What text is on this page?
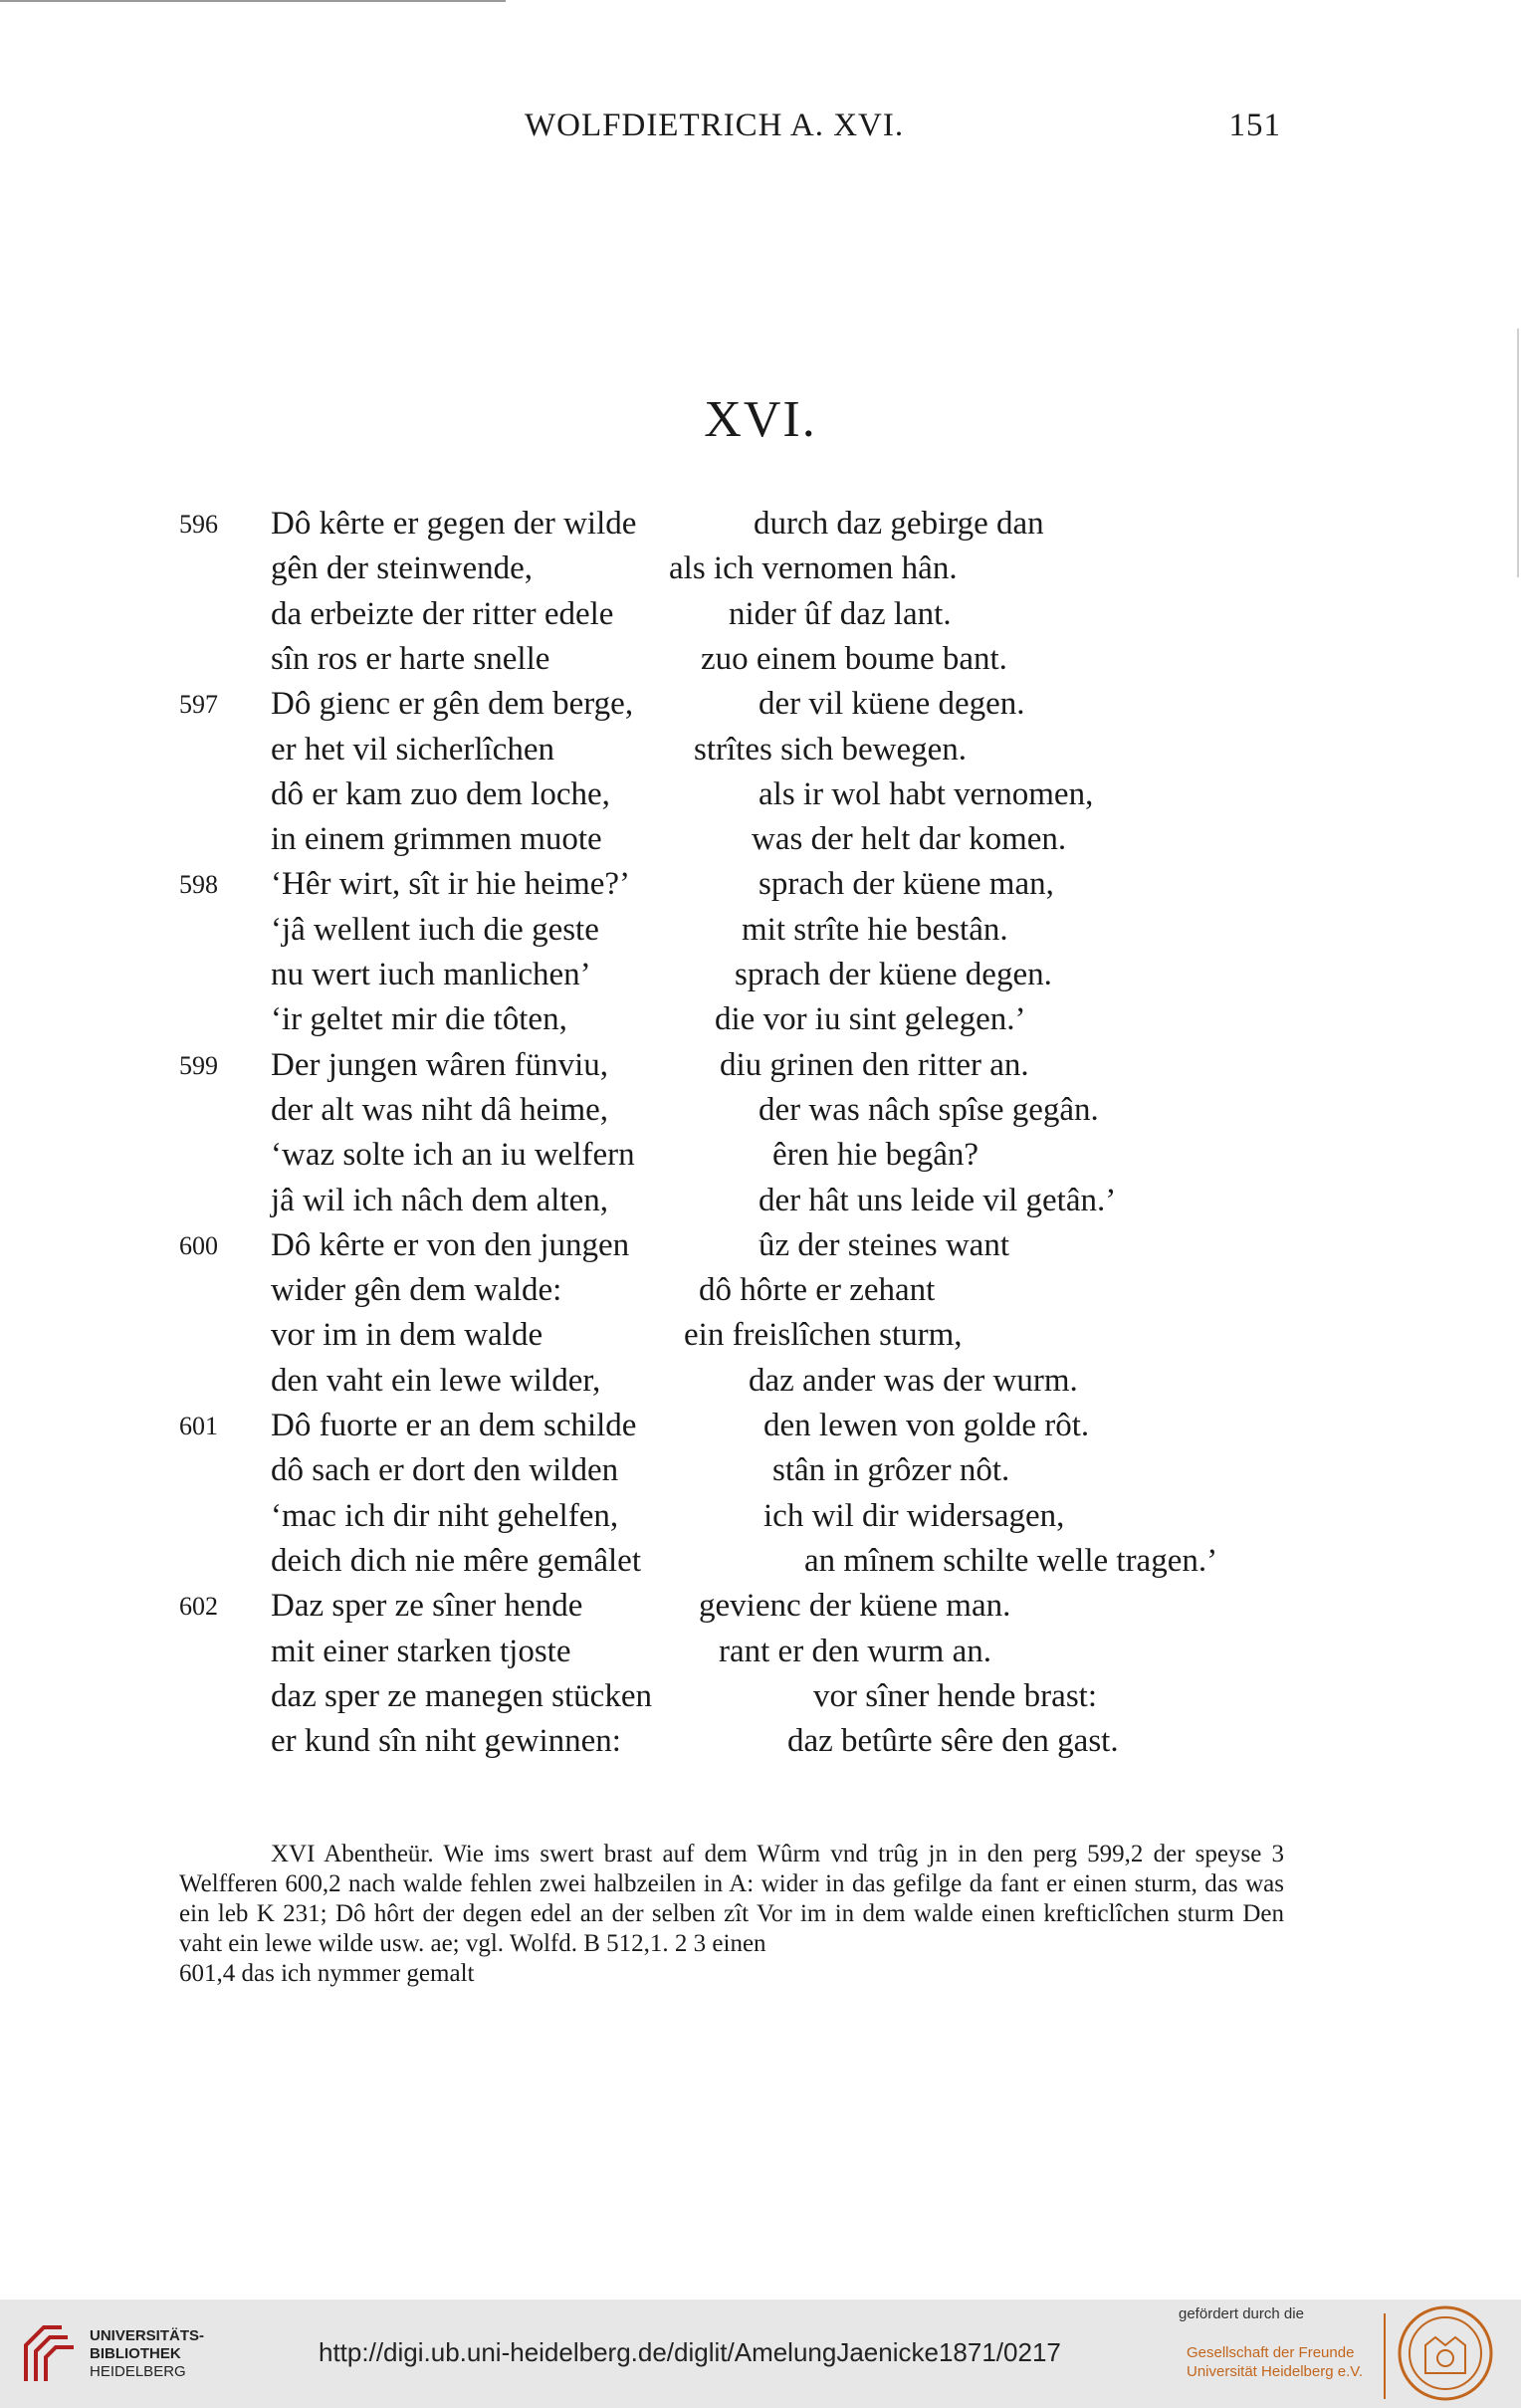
WOLFDIETRICH A. XVI.	151
XVI.
596 Dô kêrte er gegen der wilde	durch daz gebirge dan
gên der steinwende,	als ich vernomen hân.
da erbeizte der ritter edele	nider ûf daz lant.
sîn ros er harte snelle	zuo einem boume bant.
597 Dô gienc er gên dem berge,	der vil küene degen.
er het vil sicherlîchen	strîtes sich bewegen.
dô er kam zuo dem loche,	als ir wol habt vernomen,
in einem grimmen muote	was der helt dar komen.
598 ‘Hêr wirt, sît ir hie heime?’	sprach der küene man,
‘jâ wellent iuch die geste	mit strîte hie bestân.
nu wert iuch manlichen’	sprach der küene degen.
‘ir geltet mir die tôten,	die vor iu sint gelegen.’
599 Der jungen wâren fünviu,	diu grinen den ritter an.
der alt was niht dâ heime,	der was nâch spîse gegân.
‘waz solte ich an iu welfern	êren hie begân?
jâ wil ich nâch dem alten,	der hât uns leide vil getân.’
600 Dô kêrte er von den jungen	ûz der steines want
wider gên dem walde:	dô hôrte er zehant
vor im in dem walde	ein freislîchen sturm,
den vaht ein lewe wilder,	daz ander was der wurm.
601 Dô fuorte er an dem schilde	den lewen von golde rôt.
dô sach er dort den wilden	stân in grôzer nôt.
‘mac ich dir niht gehelfen,	ich wil dir widersagen,
deich dich nie mêre gemâlet	an mînem schilte welle tragen.’
602 Daz sper ze sîner hende	gevienc der küene man.
mit einer starken tjoste	rant er den wurm an.
daz sper ze manegen stücken	vor sîner hende brast:
er kund sîn niht gewinnen:	daz betûrte sêre den gast.

XVI Abentheür. Wie ims swert brast auf dem Wûrm vnd trûg jn in den perg 599,2 der speyse 3 Welfferen 600,2 nach walde fehlen zwei halbzeilen in A: wider in das gefilge da fant er einen sturm, das was ein leb K 231; Dô hôrt der degen edel an der selben zît Vor im in dem walde einen krefticlîchen sturm Den vaht ein lewe wilde usw. ae; vgl. Wolfd. B 512,1. 2 3 einen

601,4 das ich nymmer gemalt

UNIVERSITÄTS-
BIBLIOTHEK
HEIDELBERG
http://digi.ub.uni-heidelberg.de/diglit/AmelungJaenicke1871/0217
gefördert durch die
Gesellschaft der Freunde
Universität Heidelberg e.V.
